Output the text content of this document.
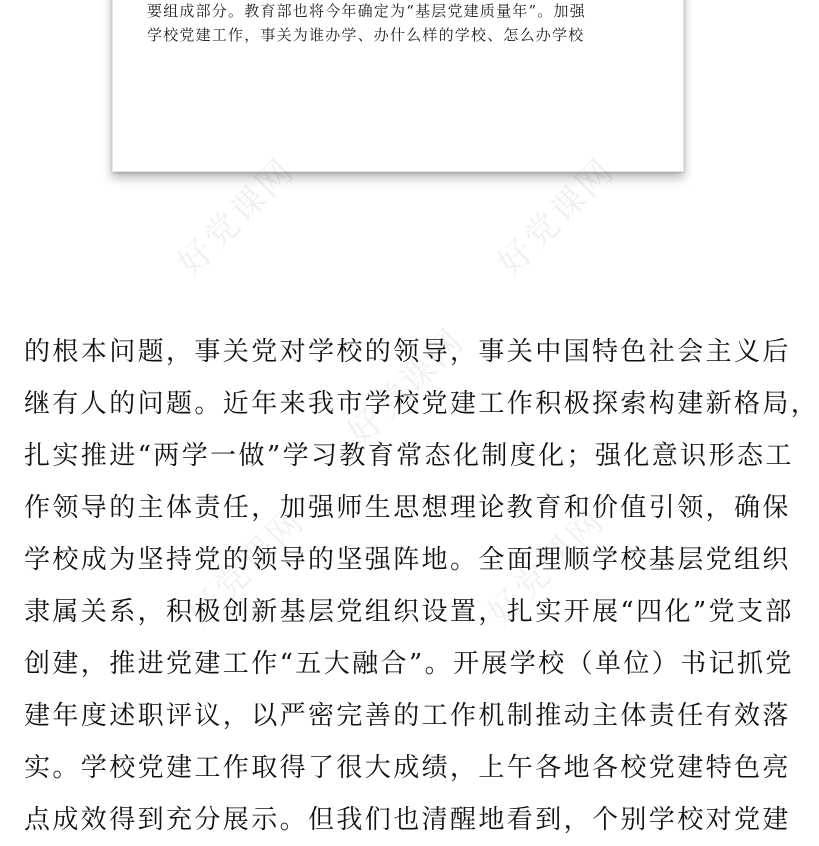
要组成部分。教育部也将今年确定为“基层党建质量年”。加强
学校党建工作，事关为谁办学、办什么样的学校、怎么办学校
的根本问题，事关党对学校的领导，事关中国特色社会主义后
继有人的问题。近年来我市学校党建工作积极探索构建新格局，
扎实推进“两学一做”学习教育常态化制度化；强化意识形态工
作领导的主体责任，加强师生思想理论教育和价值引领，确保
学校成为坚持党的领导的坚强阵地。全面理顺学校基层党组织
隶属关系，积极创新基层党组织设置，扎实开展“四化”党支部
创建，推进党建工作“五大融合”。开展学校（单位）书记抓党
建年度述职评议，以严密完善的工作机制推动主体责任有效落
实。学校党建工作取得了很大成绩，上午各地各校党建特色亮
点成效得到充分展示。但我们也清醒地看到，个别学校对党建
好党课网	好党课网
好党课网
好党课网	好党课网
